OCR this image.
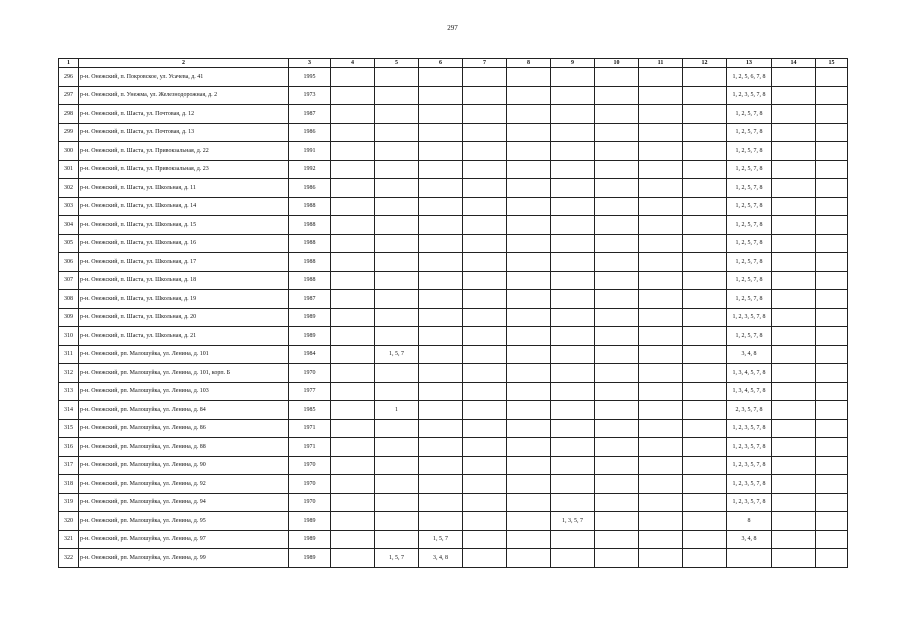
297
1	2	3	4	5	6	7	8	9	10	11	12	13	14	15
296	р-н. Онежский, п. Покровское, ул. Усачева, д. 41	1995										1, 2, 5, 6, 7, 8		
297	р-н. Онежский, п. Унежма, ул. Железнодорожная, д. 2	1973										1, 2, 3, 5, 7, 8		
298	р-н. Онежский, п. Шаста, ул. Почтовая, д. 12	1987										1, 2, 5, 7, 8		
299	р-н. Онежский, п. Шаста, ул. Почтовая, д. 13	1986										1, 2, 5, 7, 8		
300	р-н. Онежский, п. Шаста, ул. Привокзальная, д. 22	1991										1, 2, 5, 7, 8		
301	р-н. Онежский, п. Шаста, ул. Привокзальная, д. 23	1992										1, 2, 5, 7, 8		
302	р-н. Онежский, п. Шаста, ул. Школьная, д. 11	1986										1, 2, 5, 7, 8		
303	р-н. Онежский, п. Шаста, ул. Школьная, д. 14	1988										1, 2, 5, 7, 8		
304	р-н. Онежский, п. Шаста, ул. Школьная, д. 15	1988										1, 2, 5, 7, 8		
305	р-н. Онежский, п. Шаста, ул. Школьная, д. 16	1988										1, 2, 5, 7, 8		
306	р-н. Онежский, п. Шаста, ул. Школьная, д. 17	1988										1, 2, 5, 7, 8		
307	р-н. Онежский, п. Шаста, ул. Школьная, д. 18	1988										1, 2, 5, 7, 8		
308	р-н. Онежский, п. Шаста, ул. Школьная, д. 19	1987										1, 2, 5, 7, 8		
309	р-н. Онежский, п. Шаста, ул. Школьная, д. 20	1989										1, 2, 3, 5, 7, 8		
310	р-н. Онежский, п. Шаста, ул. Школьная, д. 21	1989										1, 2, 5, 7, 8		
311	р-н. Онежский, рп. Малошуйка, ул. Ленина, д. 101	1984		1, 5, 7								3, 4, 8		
312	р-н. Онежский, рп. Малошуйка, ул. Ленина, д. 101, корп. Б	1970										1, 3, 4, 5, 7, 8		
313	р-н. Онежский, рп. Малошуйка, ул. Ленина, д. 103	1977										1, 3, 4, 5, 7, 8		
314	р-н. Онежский, рп. Малошуйка, ул. Ленина, д. 84	1985		1								2, 3, 5, 7, 8		
315	р-н. Онежский, рп. Малошуйка, ул. Ленина, д. 86	1971										1, 2, 3, 5, 7, 8		
316	р-н. Онежский, рп. Малошуйка, ул. Ленина, д. 88	1971										1, 2, 3, 5, 7, 8		
317	р-н. Онежский, рп. Малошуйка, ул. Ленина, д. 90	1970										1, 2, 3, 5, 7, 8		
318	р-н. Онежский, рп. Малошуйка, ул. Ленина, д. 92	1970										1, 2, 3, 5, 7, 8		
319	р-н. Онежский, рп. Малошуйка, ул. Ленина, д. 94	1970										1, 2, 3, 5, 7, 8		
320	р-н. Онежский, рп. Малошуйка, ул. Ленина, д. 95	1989						1, 3, 5, 7				8		
321	р-н. Онежский, рп. Малошуйка, ул. Ленина, д. 97	1989			1, 5, 7							3, 4, 8		
322	р-н. Онежский, рп. Малошуйка, ул. Ленина, д. 99	1989		1, 5, 7	3, 4, 8									
